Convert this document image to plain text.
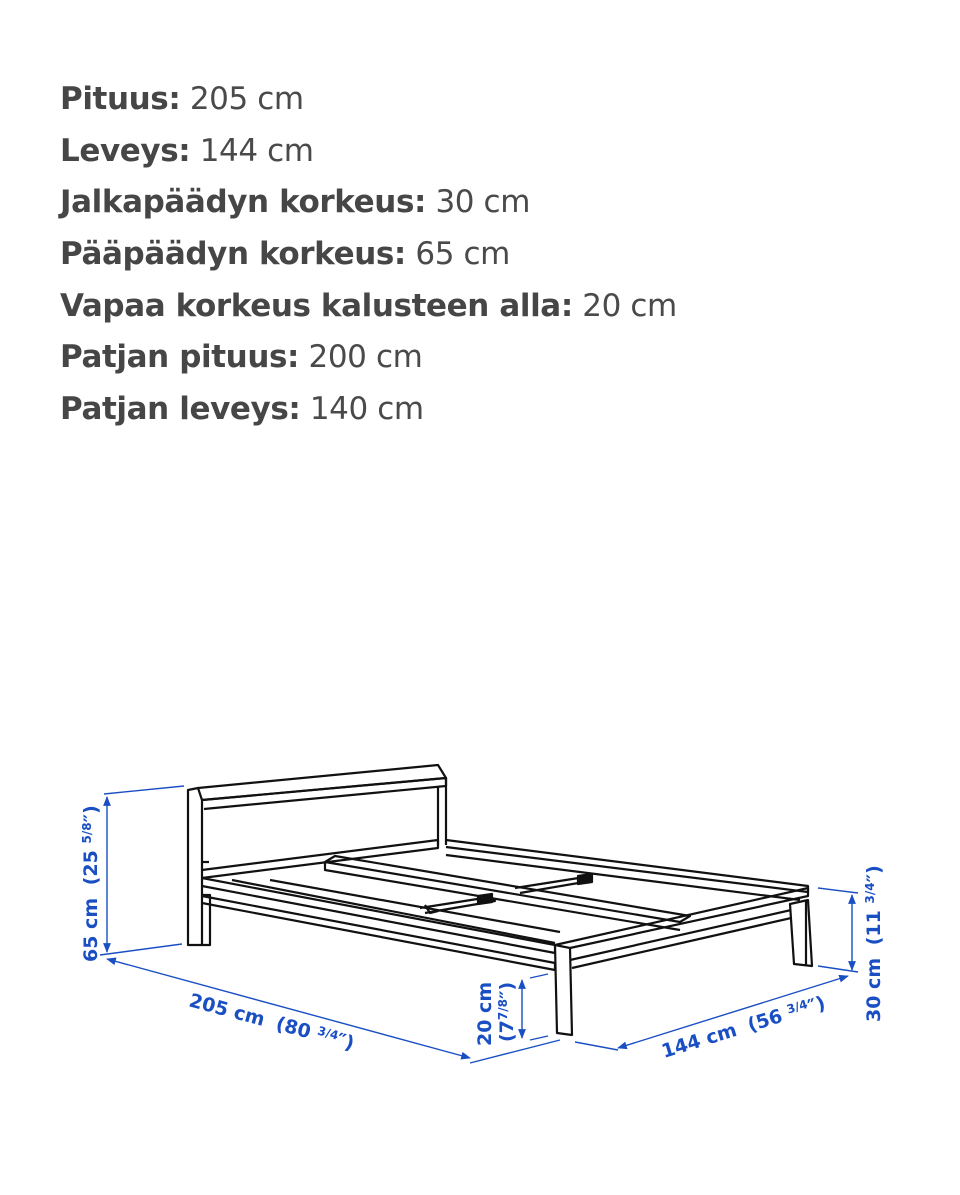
Pituus: 205 cm
Leveys: 144 cm
Jalkapäädyn korkeus: 30 cm
Pääpäädyn korkeus: 65 cm
Vapaa korkeus kalusteen alla: 20 cm
Patjan pituus: 200 cm
Patjan leveys: 140 cm
65 cm (25 $^{5/8}$″)
205 cm (80 $^{3/4}$″)	20 cm $(7^{7/8}'')$
144 cm (56 $^{3/4}$″) 30 cm (11 $^{3/4}$″)
